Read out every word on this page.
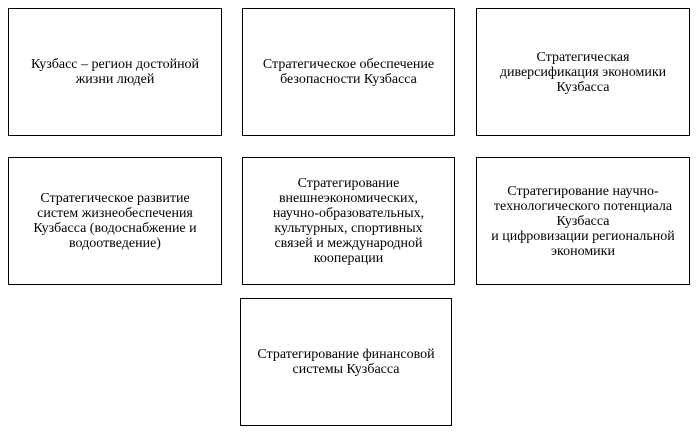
Кузбасс – регион достойной
жизни людей
Стратегическое обеспечение
безопасности Кузбасса
Стратегическая
диверсификация экономики
Кузбасса
Стратегическое развитие
систем жизнеобеспечения
Кузбасса (водоснабжение и
водоотведение)
Стратегирование
внешнеэкономических,
научно-образовательных,
культурных, спортивных
связей и международной
кооперации
Стратегирование научно-
технологического потенциала
Кузбасса
и цифровизации региональной
экономики
Стратегирование финансовой
системы Кузбасса
